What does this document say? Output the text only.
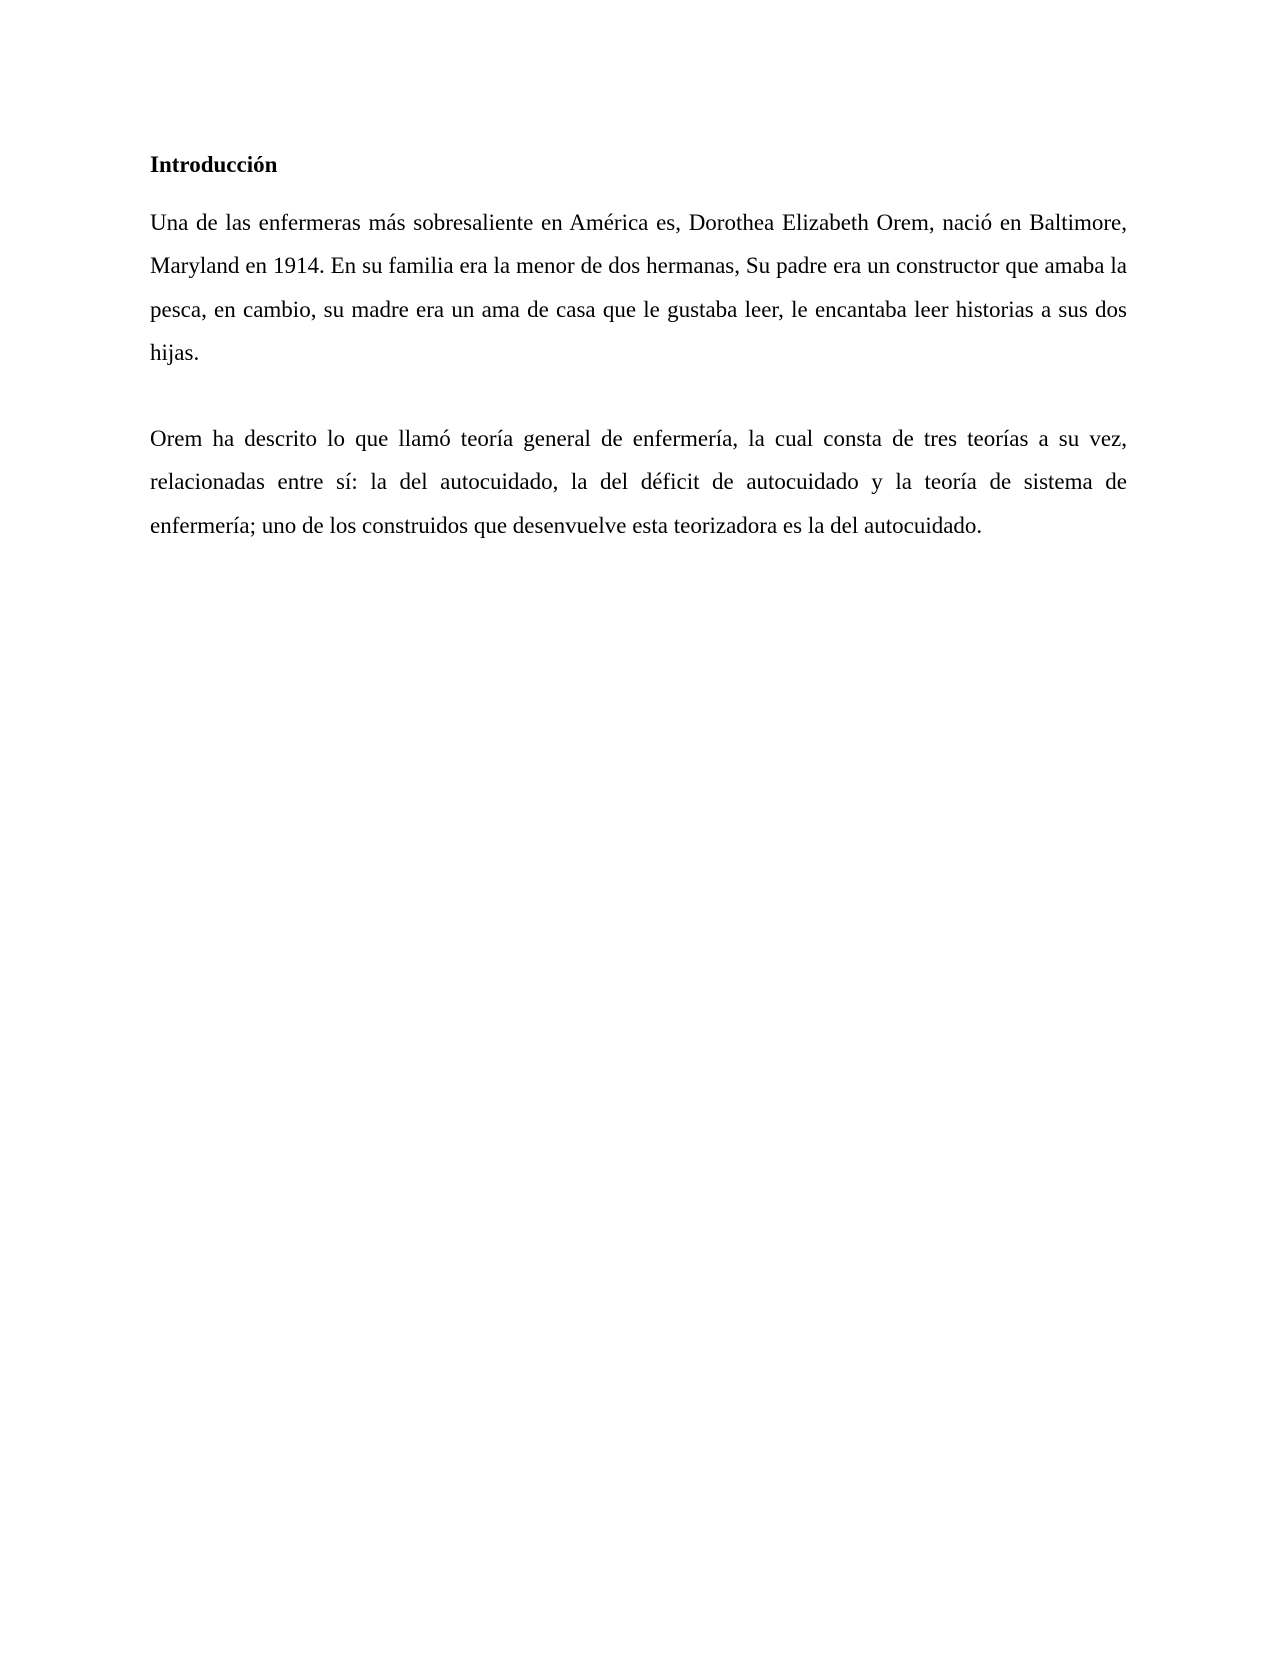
Introducción

Una de las enfermeras más sobresaliente en América es, Dorothea Elizabeth Orem, nació en Baltimore, Maryland en 1914. En su familia era la menor de dos hermanas, Su padre era un constructor que amaba la pesca, en cambio, su madre era un ama de casa que le gustaba leer, le encantaba leer historias a sus dos hijas.

Orem ha descrito lo que llamó teoría general de enfermería, la cual consta de tres teorías a su vez, relacionadas entre sí: la del autocuidado, la del déficit de autocuidado y la teoría de sistema de enfermería; uno de los construidos que desenvuelve esta teorizadora es la del autocuidado.
